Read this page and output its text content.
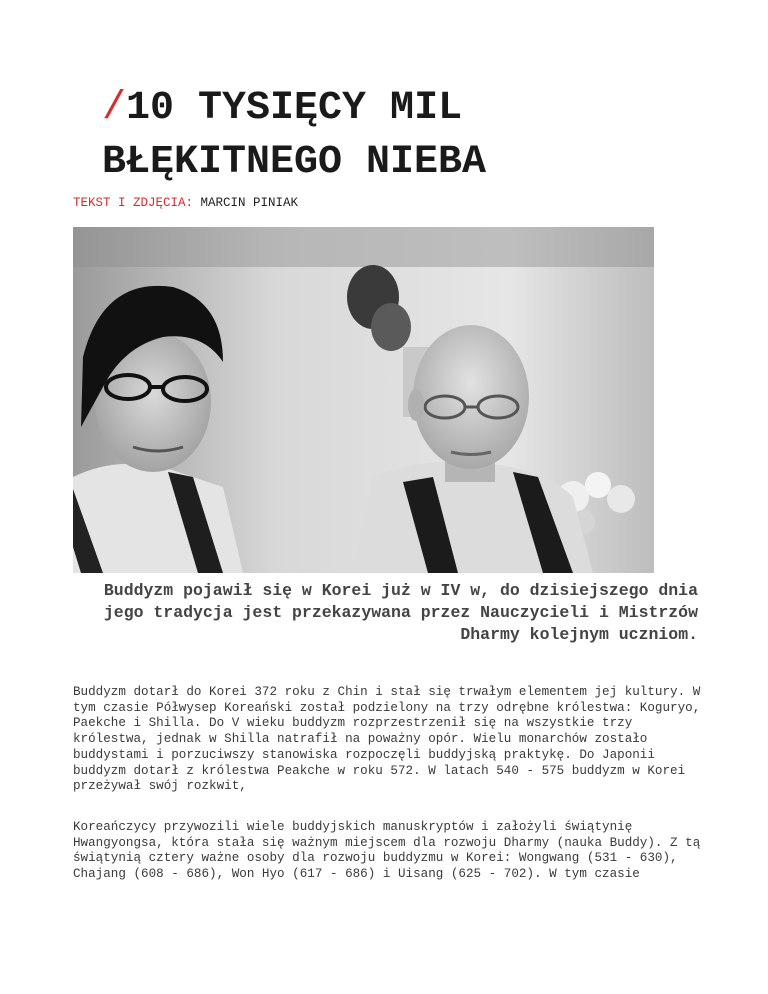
/10 TYSIĘCY MIL
BŁĘKITNEGO NIEBA
TEKST I ZDJĘCIA: MARCIN PINIAK

Buddyzm pojawił się w Korei już w IV w, do dzisiejszego dnia jego tradycja jest przekazywana przez Nauczycieli i Mistrzów Dharmy kolejnym uczniom.

Buddyzm dotarł do Korei 372 roku z Chin i stał się trwałym elementem jej kultury. W tym czasie Półwysep Koreański został podzielony na trzy odrębne królestwa: Koguryo, Paekche i Shilla. Do V wieku buddyzm rozprzestrzenił się na wszystkie trzy królestwa, jednak w Shilla natrafił na poważny opór. Wielu monarchów zostało buddystami i porzuciwszy stanowiska rozpoczęli buddyjską praktykę. Do Japonii buddyzm dotarł z królestwa Peakche w roku 572. W latach 540 - 575 buddyzm w Korei przeżywał swój rozkwit,

Koreańczycy przywozili wiele buddyjskich manuskryptów i założyli świątynię Hwangyongsa, która stała się ważnym miejscem dla rozwoju Dharmy (nauka Buddy). Z tą świątynią cztery ważne osoby dla rozwoju buddyzmu w Korei: Wongwang (531 - 630), Chajang (608 - 686), Won Hyo (617 - 686) i Uisang (625 - 702). W tym czasie
